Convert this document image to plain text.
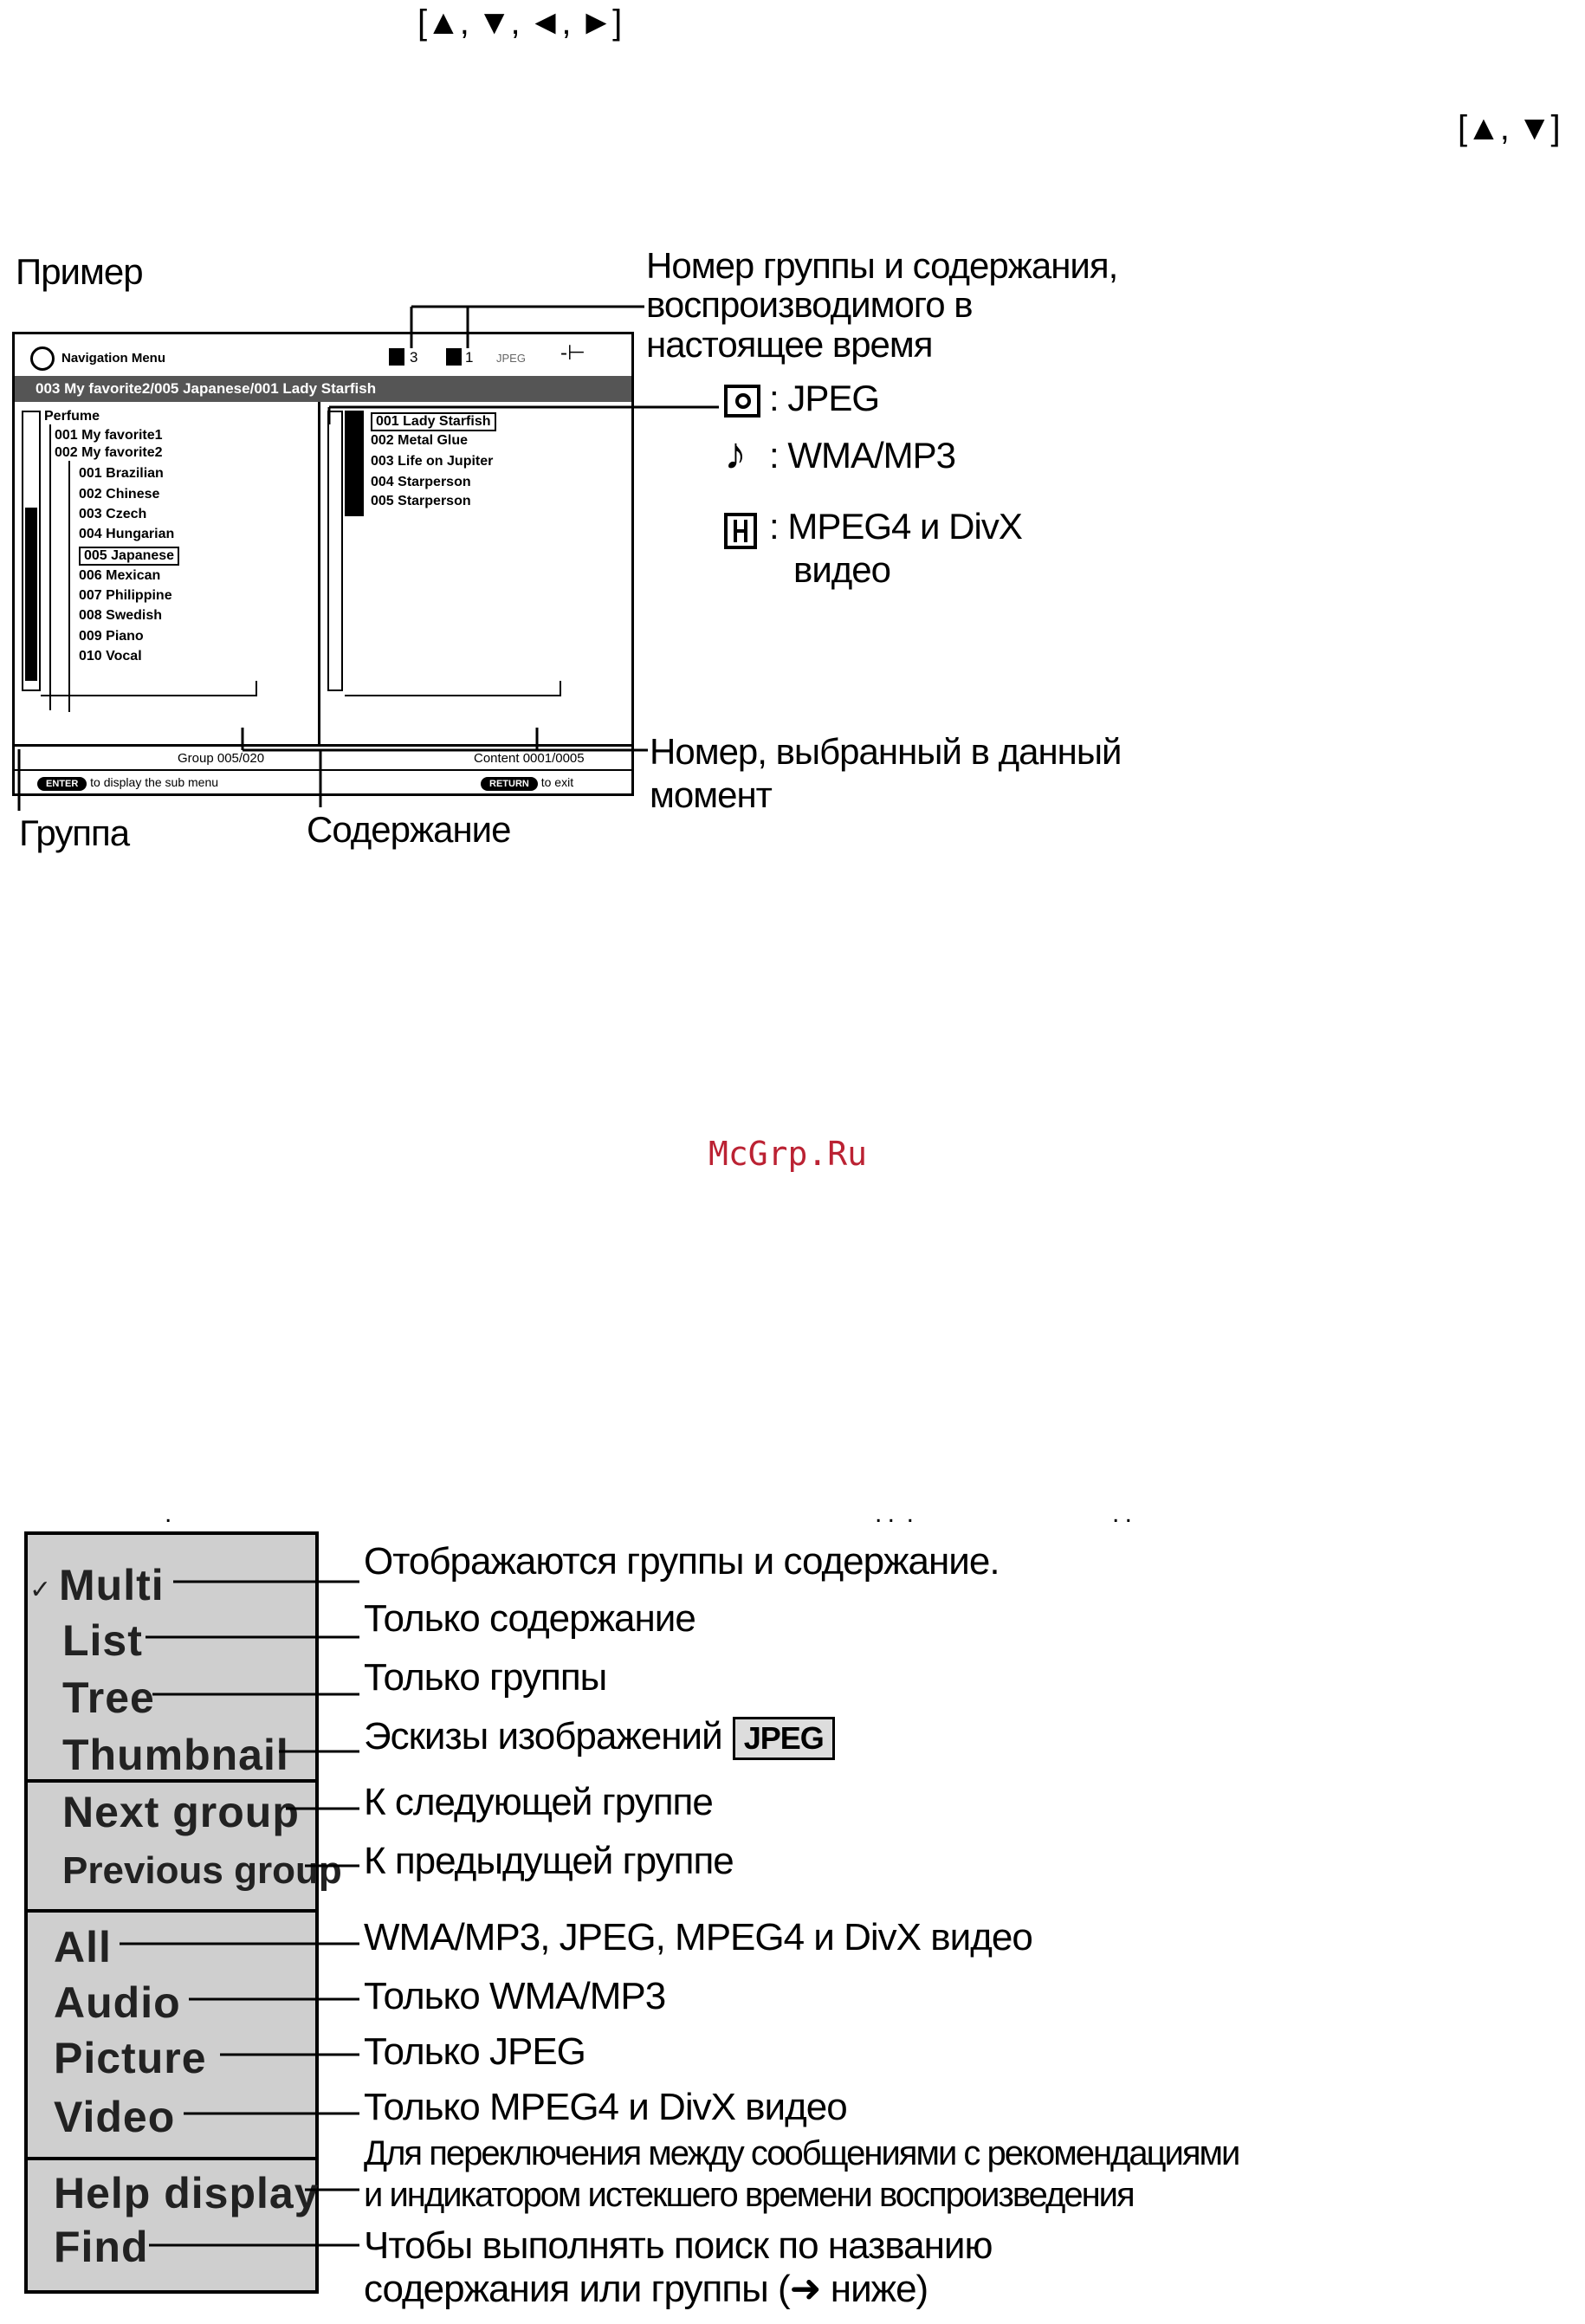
[▲, ▼, ◄, ►]
[▲, ▼]
Пример	Номер группы и содержания,
воспроизводимого в
настоящее время
: JPEG
♪ : WMA/MP3
: MPEG4 и DivX
видео
Номер, выбранный в данный
момент
Группа	Содержание
Navigation Menu	3	1 JPEG -⊢
003 My favorite2/005 Japanese/001 Lady Starfish
Perfume
001 My favorite1
002 My favorite2
001 Brazilian
002 Chinese
003 Czech
004 Hungarian
005 Japanese
006 Mexican
007 Philippine
008 Swedish
009 Piano
010 Vocal
001 Lady Starfish
002 Metal Glue
003 Life on Jupiter
004 Starperson
005 Starperson
Group 005/020	Content 0001/0005
ENTER to display the sub menu	RETURN to exit
McGrp.Ru
.	. .  .	. .
✓ Multi
List
Tree
Thumbnail
Next group
Previous group
All
Audio
Picture
Video
Help display
Find
Отображаются группы и содержание.
Только содержание
Только группы
Эскизы изображений JPEG
К следующей группе
К предыдущей группе
WMA/MP3, JPEG, MPEG4 и DivX видео
Только WMA/MP3
Только JPEG
Только MPEG4 и DivX видео
Для переключения между сообщениями с рекомендациями
и индикатором истекшего времени воспроизведения
Чтобы выполнять поиск по названию
содержания или группы (➜ ниже)
